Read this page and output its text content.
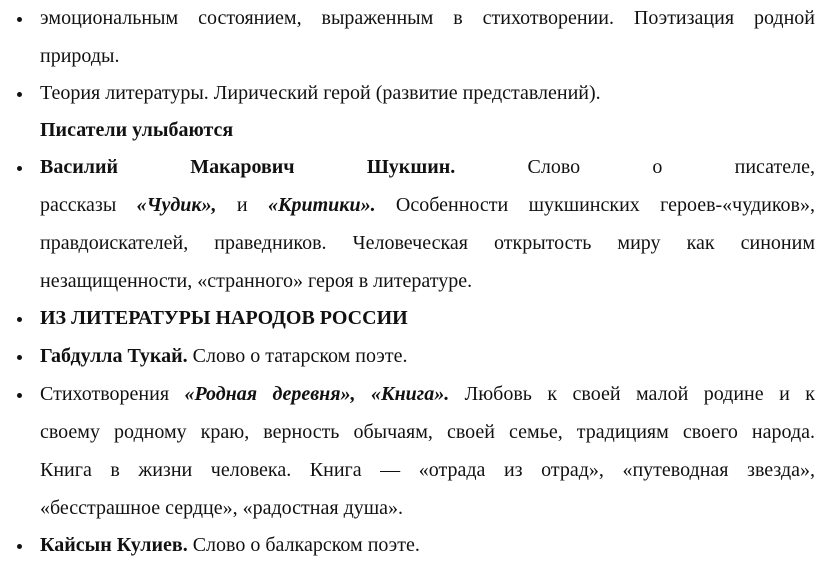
эмоциональным состоянием, выраженным в стихотворении. Поэтизация родной
природы.
Теория литературы. Лирический герой (развитие представлений).
Писатели улыбаются
Василий Макарович Шукшин. Слово о писателе,
рассказы «Чудик», и «Критики». Особенности шукшинских героев-«чудиков»,
правдоискателей, праведников. Человеческая открытость миру как синоним
незащищенности, «странного» героя в литературе.
ИЗ ЛИТЕРАТУРЫ НАРОДОВ РОССИИ
Габдулла Тукай. Слово о татарском поэте.
Стихотворения «Родная деревня», «Книга». Любовь к своей малой родине и к
своему родному краю, верность обычаям, своей семье, традициям своего народа.
Книга в жизни человека. Книга — «отрада из отрад», «путеводная звезда»,
«бесстрашное сердце», «радостная душа».
Кайсын Кулиев. Слово о балкарском поэте.
